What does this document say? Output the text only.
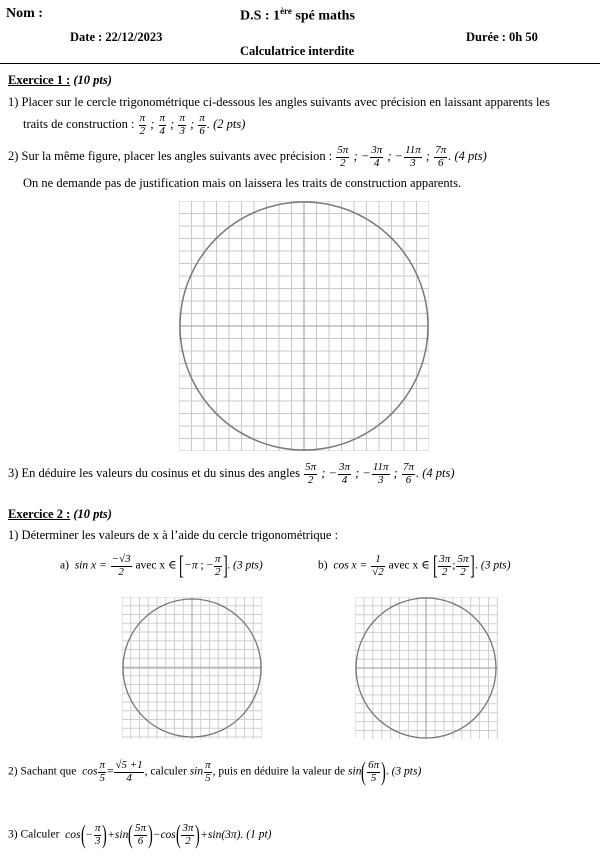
Nom :	D.S : 1ère spé maths
Date : 22/12/2023	Durée : 0h 50
Calculatrice interdite
Exercice 1 : (10 pts)
1) Placer sur le cercle trigonométrique ci-dessous les angles suivants avec précision en laissant apparents les
traits de construction : $\frac{\pi}{2}$ ; $\frac{\pi}{4}$ ; $\frac{\pi}{3}$ ; $\frac{\pi}{6}$ . (2 pts)
2) Sur la même figure, placer les angles suivants avec précision : $\frac{5\pi}{2}$ ; − $\frac{3\pi}{4}$ ; − $\frac{11\pi}{3}$ ; $\frac{7\pi}{6}$ . (4 pts)
On ne demande pas de justification mais on laissera les traits de construction apparents.
3) En déduire les valeurs du cosinus et du sinus des angles $\frac{5\pi}{2}$ ; − $\frac{3\pi}{4}$ ; − $\frac{11\pi}{3}$ ; $\frac{7\pi}{6}$ . (4 pts)
Exercice 2 : (10 pts)
1) Déterminer les valeurs de x à l’aide du cercle trigonométrique :
a) $\sin x = \frac{-√3}{2}$ avec x ∈ [−π ; − $\frac{\pi}{2}$ ]. (3 pts)	b) $\cos x = \frac{1}{√2}$ avec x ∈ [ $\frac{3\pi}{2}$ ; $\frac{5\pi}{2}$ ]. (3 pts)
2) Sachant que $\cos \frac{\pi}{5} = \frac{√5 +1}{4}$ , calculer $\sin \frac{\pi}{5}$ , puis en déduire la valeur de $\sin( \frac{6\pi}{5}$ ). (3 pts)
3) Calculer $\cos(- \frac{\pi}{3} )+\sin( \frac{5\pi}{6} )-\cos( \frac{3\pi}{2} )+\sin(3\pi)$. (1 pt)
